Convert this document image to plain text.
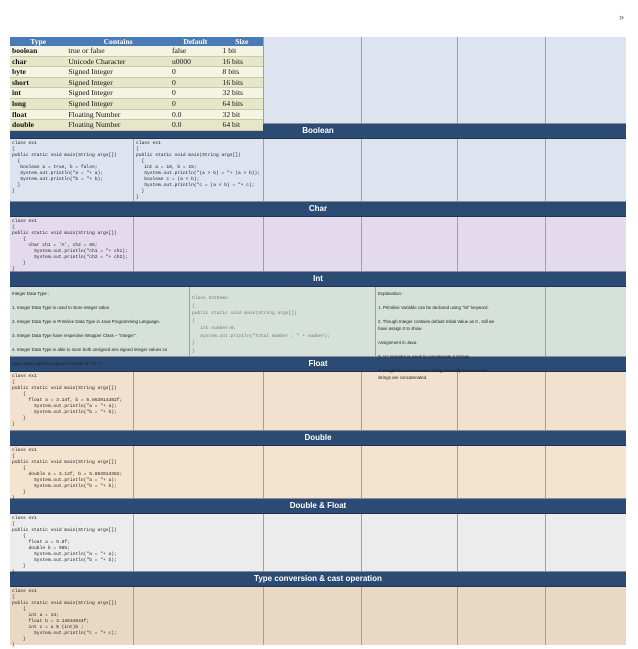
»
Type	Contains	Default	Size
boolean	true or false	false	1 bit
char	Unicode Character	u0000	16 bits
byte	Signed Integer	0	8 bits
short	Signed Integer	0	16 bits
int	Signed Integer	0	32 bits
long	Signed Integer	0	64 bits
float	Floating Number	0.0	32 bit
double	Floating Number	0.0	64 bit
Boolean
class ex1
{
public static void main(String args[])
{
boolean a = true, b = false;
System.out.println("a = "+ a);
System.out.println("b = "+ b);
}
}
class ex1
{
public static void main(String args[])
{
int a = 10, b = 15;
System.out.println("(a > b) = "+ (a > b));
boolean c = (a < b);
System.out.println("c = (a < b) = "+ c);
}
}
Char
class ex1
{
public static void main(String args[])
{
char ch1 = 'A', ch2 = 66;
System.out.println("ch1 = "+ ch1);
System.out.println("ch2 = "+ ch2);
}
}
Int
Integer Data Type :

1. Integer Data Type is used to store integer value.

2. Integer Data Type is Primitive Data Type in Java Programming Language.

3. Integer Data Type have respective Wrapper Class – "Integer".

4. Integer Data Type is able to store both unsigned ans signed integer values so

Java opted signed,unsigned concept of C/C++.
Class IntDemo
{
public static void main(String args[])
{
int number=0;
System.out.println("Total Number : " + number);
}
}
Explanation :

1. Primitive Variable can be declared using "int" keyword.

2. Though Integer contains default Initial Value as 0 , still we
have assign 0 to show

Assignment in Java.

3. "+" operator is used to concatenate 2 strings.

4. Integer is converted into String internally and then two
strings are concatenated.
Float
class ex1
{
public static void main(String args[])
{
float a = 3.14f, b = 5.863914382f;
System.out.println("a = "+ a);
System.out.println("b = "+ b);
}
}
Double
class ex1
{
public static void main(String args[])
{
double a = 3.14f, b = 5.863914382;
System.out.println("a = "+ a);
System.out.println("b = "+ b);
}
}
Double & Float
class ex1
{
public static void main(String args[])
{
float a = 9.8f;
double b = 98%;
System.out.println("a = "+ a);
System.out.println("b = "+ b);
}
}
Type conversion & cast operation
class ex1
{
public static void main(String args[])
{
int a = 14;
float b = 3.14634644f;
int c = a % (int)b ;
System.out.println("c = "+ c);
}
}
